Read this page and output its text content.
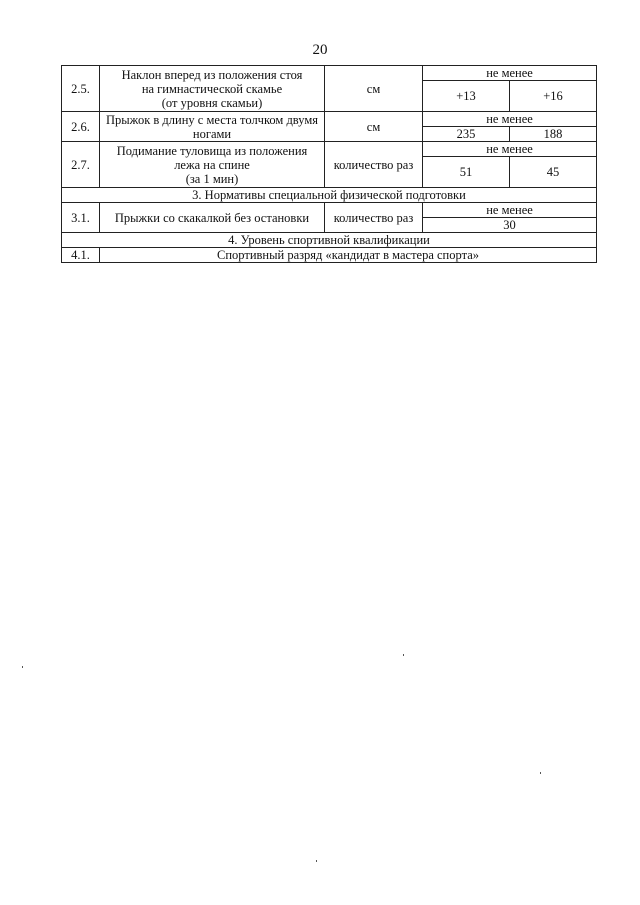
20
2.5.	Наклон вперед из положения стоя
на гимнастической скамье
(от уровня скамьи)	см	не менее	
			+13	+16
2.6.	Прыжок в длину с места толчком двумя
ногами	см	не менее	
			235	188
2.7.	Подимание туловища из положения
лежа на спине
(за 1 мин)	количество раз	не менее	
			51	45
3. Нормативы специальной физической подготовки				
3.1.	Прыжки со скакалкой без остановки	количество раз	не менее	
			30	
4. Уровень спортивной квалификации				
4.1.	Спортивный разряд «кандидат в мастера спорта»			
